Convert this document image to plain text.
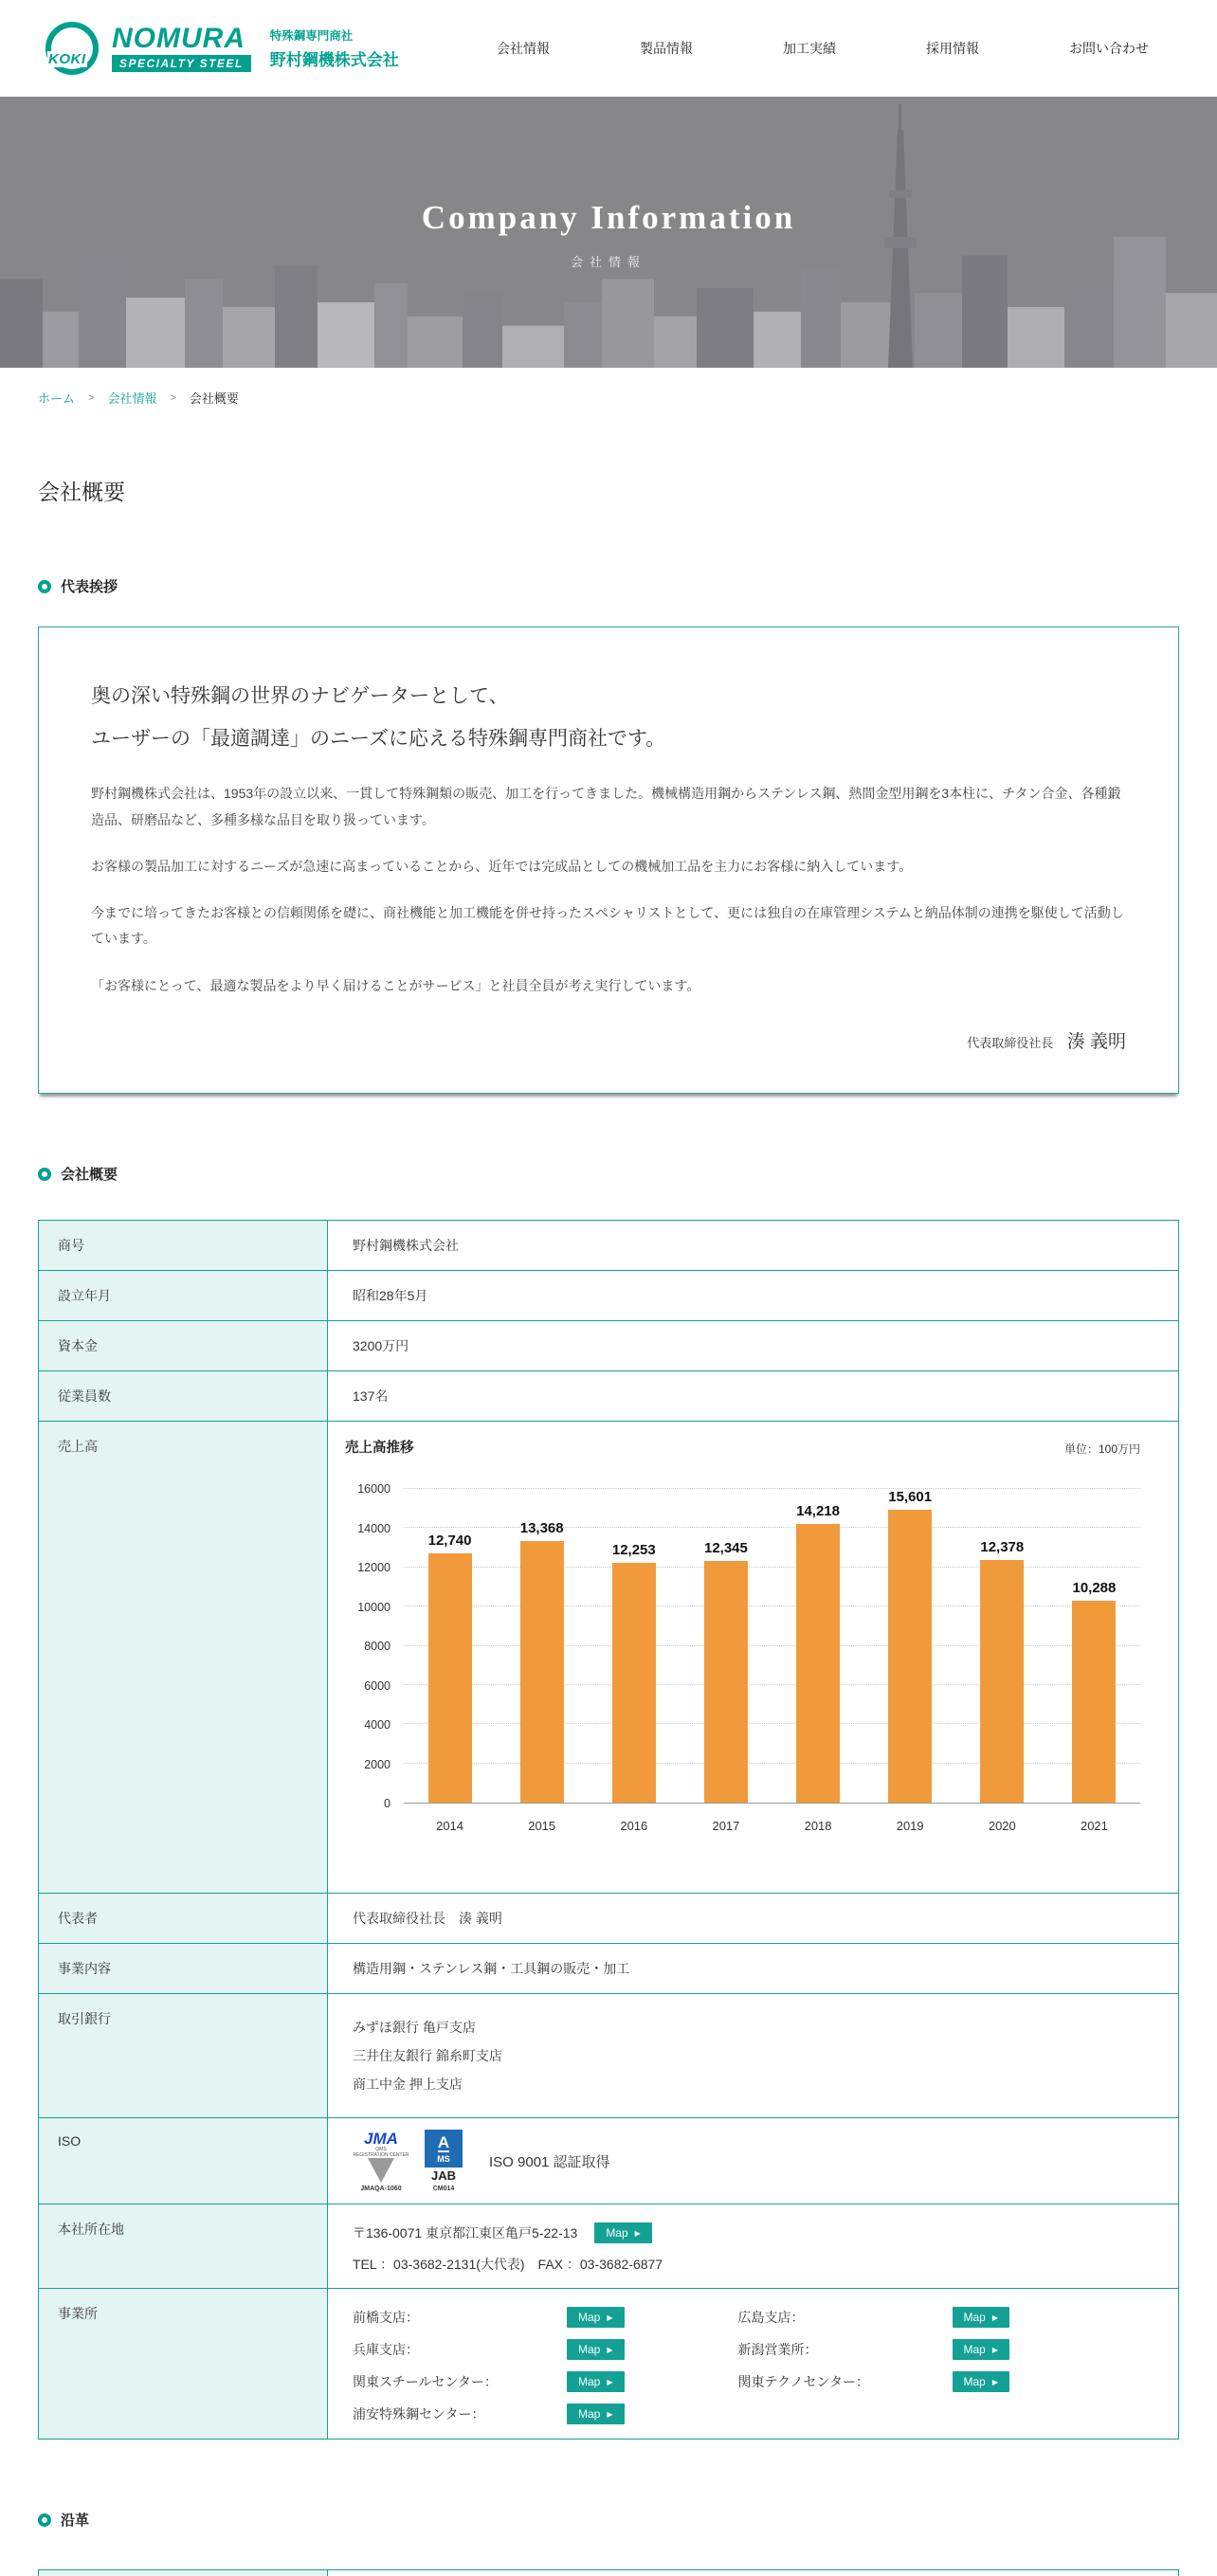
KOKI
NOMURA
SPECIALTY STEEL
特殊鋼専門商社
野村鋼機株式会社
会社情報	製品情報	加工実績	採用情報	お問い合わせ
Company Information
会社情報
ホーム > 会社情報 > 会社概要
会社概要
代表挨拶
奥の深い特殊鋼の世界のナビゲーターとして、
ユーザーの「最適調達」のニーズに応える特殊鋼専門商社です。

野村鋼機株式会社は、1953年の設立以来、一貫して特殊鋼類の販売、加工を行ってきました。機械構造用鋼からステンレス鋼、熱間金型用鋼を3本柱に、チタン合金、各種鍛造品、研磨品など、多種多様な品目を取り扱っています。

お客様の製品加工に対するニーズが急速に高まっていることから、近年では完成品としての機械加工品を主力にお客様に納入しています。

今までに培ってきたお客様との信頼関係を礎に、商社機能と加工機能を併せ持ったスペシャリストとして、更には独自の在庫管理システムと納品体制の連携を駆使して活動しています。

「お客様にとって、最適な製品をより早く届けることがサービス」と社員全員が考え実行しています。

代表取締役社長 湊 義明
会社概要
商号	野村鋼機株式会社
設立年月	昭和28年5月
資本金	3200万円
従業員数	137名
売上高	売上高推移	単位：100万円
16000
14000
12000
10000
8000
6000
4000
2000
0
12,740
2014
13,368
2015
12,253
2016
12,345
2017
14,218
2018
15,601
2019
12,378
2020
10,288
2021
代表者	代表取締役社長　湊 義明
事業内容	構造用鋼・ステンレス鋼・工具鋼の販売・加工
取引銀行
みずほ銀行 亀戸支店
三井住友銀行 錦糸町支店
商工中金 押上支店
ISO	JMA
QMS
REGISTRATION CENTER
JMAQA-1060
A
MS
JAB
CM014
ISO 9001 認証取得
本社所在地	〒136-0071 東京都江東区亀戸5-22-13	Map ▶
TEL ：03-3682-2131(大代表)　FAX ：03-3682-6877
事業所	前橋支店：	Map ▶	広島支店：	Map ▶
兵庫支店：	Map ▶	新潟営業所：	Map ▶
関東スチールセンター：	Map ▶	関東テクノセンター：	Map ▶
浦安特殊鋼センター：	Map ▶
沿革
